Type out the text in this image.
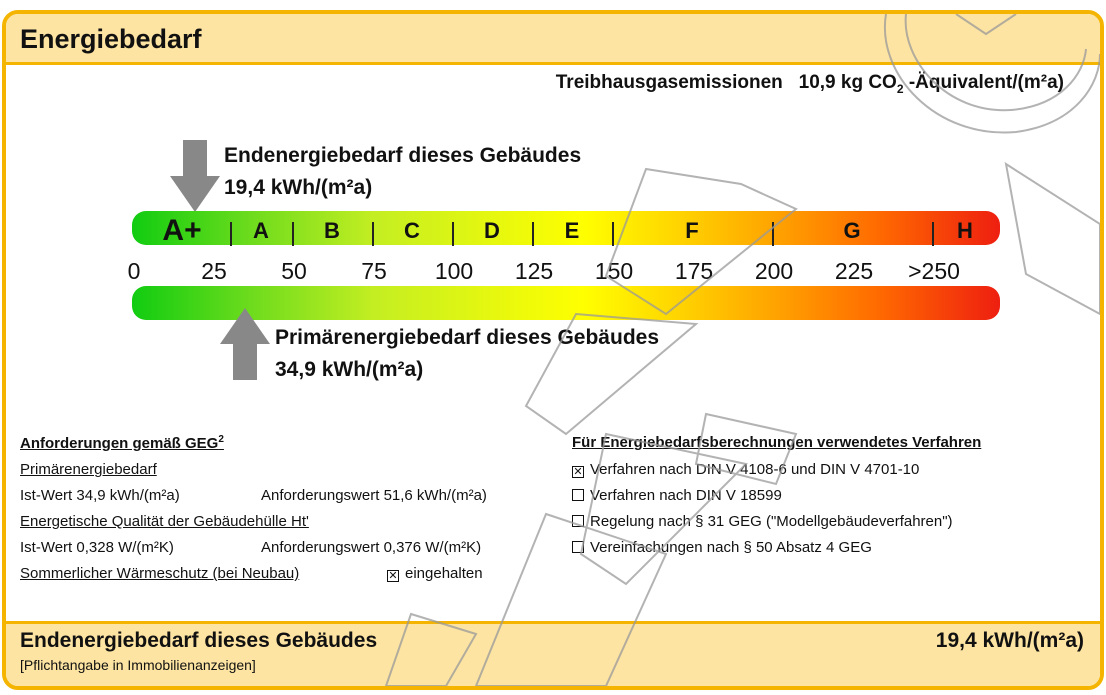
Energiebedarf
Treibhausgasemissionen 10,9 kg $CO_2$ -Äquivalent/(m²a)
Endenergiebedarf dieses Gebäudes
19,4 kWh/(m²a)
A+	A	B	C	D	E	F	G	H
0	25 50 75 100 125 150 175 200 225 >250
Primärenergiebedarf dieses Gebäudes
34,9 kWh/(m²a)
Anforderungen gemäß GEG$^2$
Primärenergiebedarf
Ist-Wert 34,9 kWh/(m²a)	Anforderungswert 51,6 kWh/(m²a)
Energetische Qualität der Gebäudehülle Ht'
Ist-Wert 0,328 W/(m²K)	Anforderungswert 0,376 W/(m²K)
Sommerlicher Wärmeschutz (bei Neubau)	✕ eingehalten
Für Energiebedarfsberechnungen verwendetes Verfahren
✕ Verfahren nach DIN V 4108-6 und DIN V 4701-10
Verfahren nach DIN V 18599
Regelung nach § 31 GEG ("Modellgebäudeverfahren")
Vereinfachungen nach § 50 Absatz 4 GEG
Endenergiebedarf dieses Gebäudes	19,4 kWh/(m²a)
[Pflichtangabe in Immobilienanzeigen]
